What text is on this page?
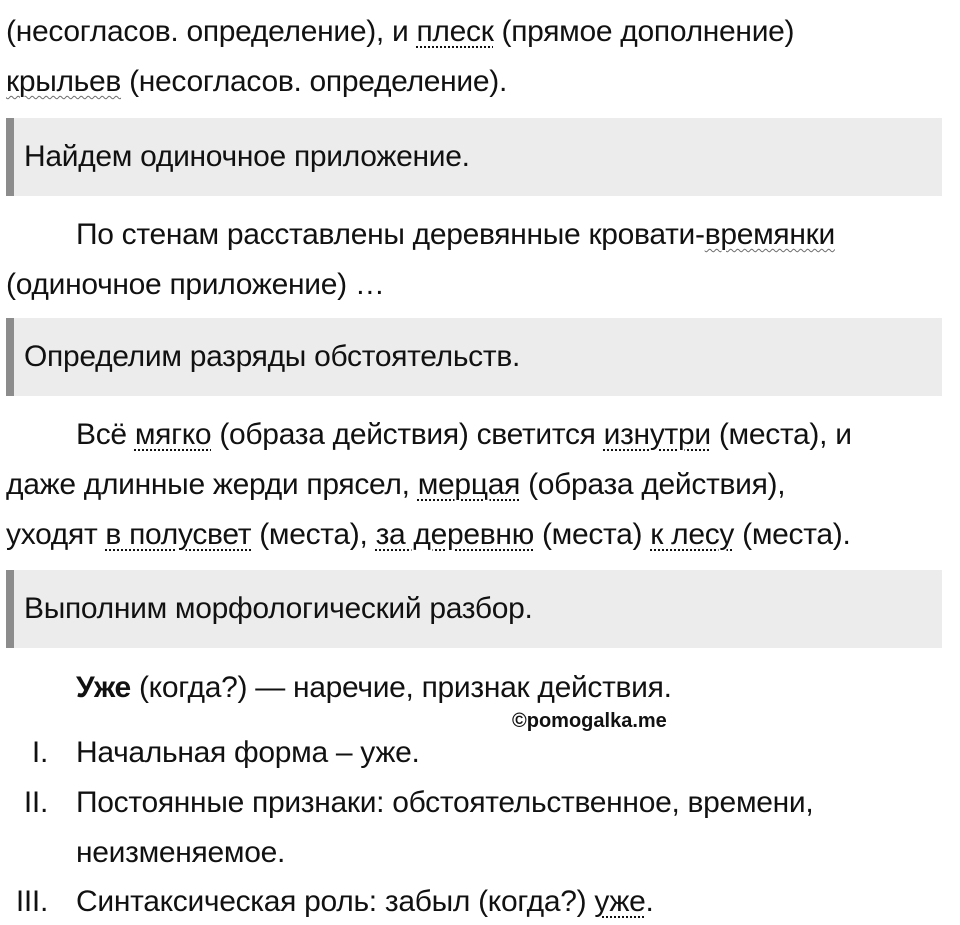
(несогласов. определение), и плеск (прямое дополнение)
крыльев (несогласов. определение).
Найдем одиночное приложение.
По стенам расставлены деревянные кровати-времянки
(одиночное приложение) …
Определим разряды обстоятельств.
Всё мягко (образа действия) светится изнутри (места), и
даже длинные жерди прясел, мерцая (образа действия),
уходят в полусвет (места), за деревню (места) к лесу (места).
Выполним морфологический разбор.
Уже (когда?) — наречие, признак действия.
©pomogalka.me
I. Начальная форма – уже.
II. Постоянные признаки: обстоятельственное, времени,
неизменяемое.
III. Синтаксическая роль: забыл (когда?) уже.
